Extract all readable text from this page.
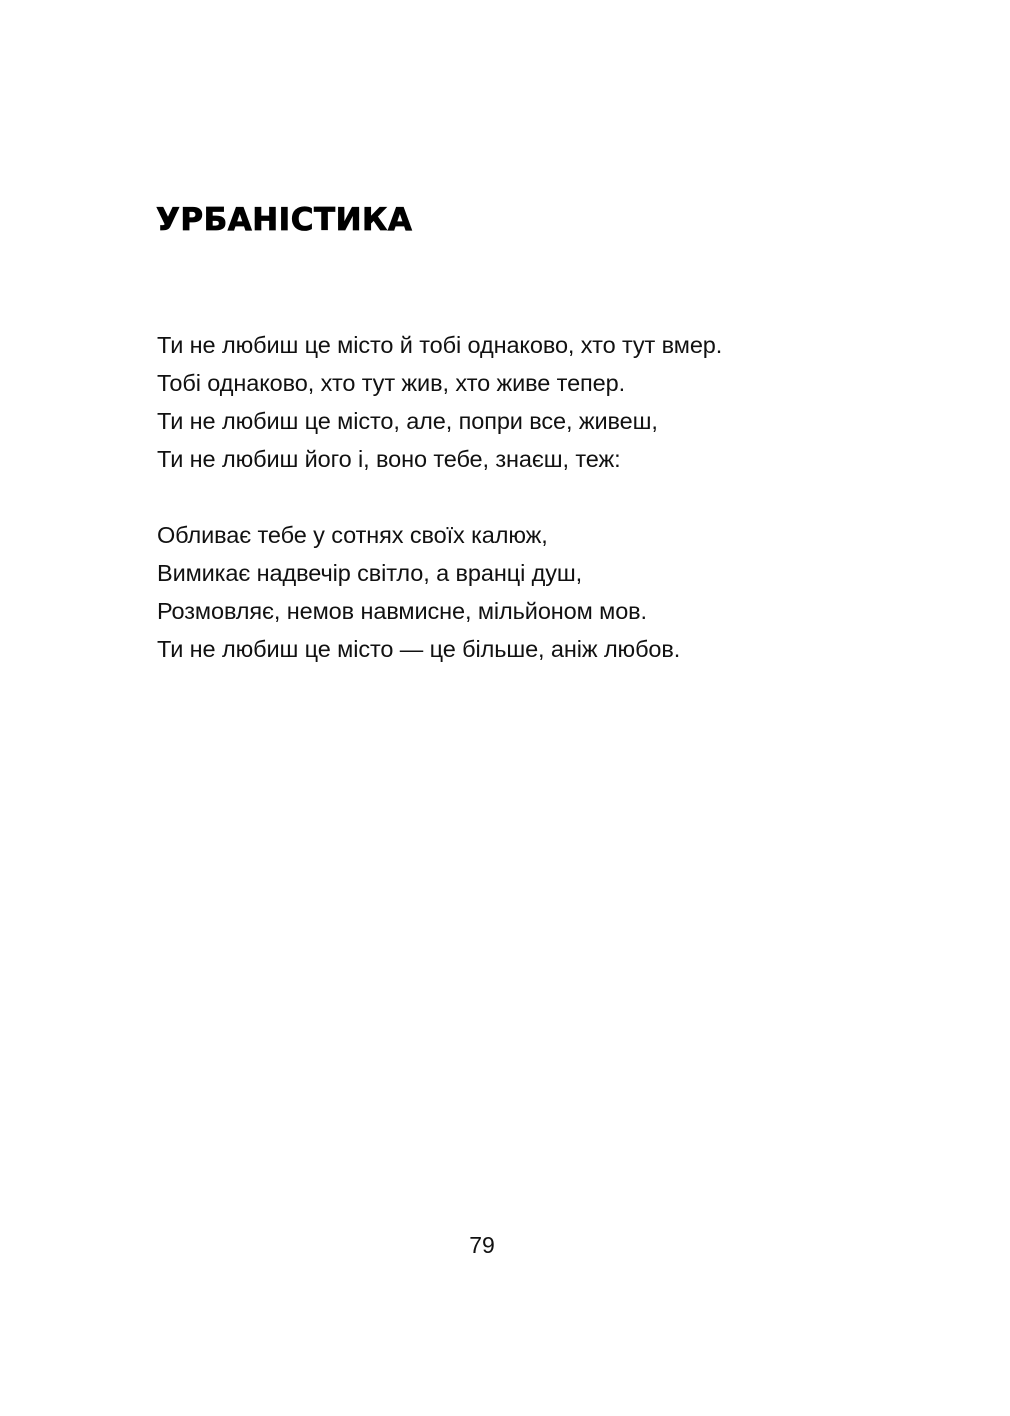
УРБАНІСТИКА
Ти не любиш це місто й тобі однаково, хто тут вмер.
Тобі однаково, хто тут жив, хто живе тепер.
Ти не любиш це місто, але, попри все, живеш,
Ти не любиш його і, воно тебе, знаєш, теж:
Обливає тебе у сотнях своїх калюж,
Вимикає надвечір світло, а вранці душ,
Розмовляє, немов навмисне, мільйоном мов.
Ти не любиш це місто — це більше, аніж любов.
79
